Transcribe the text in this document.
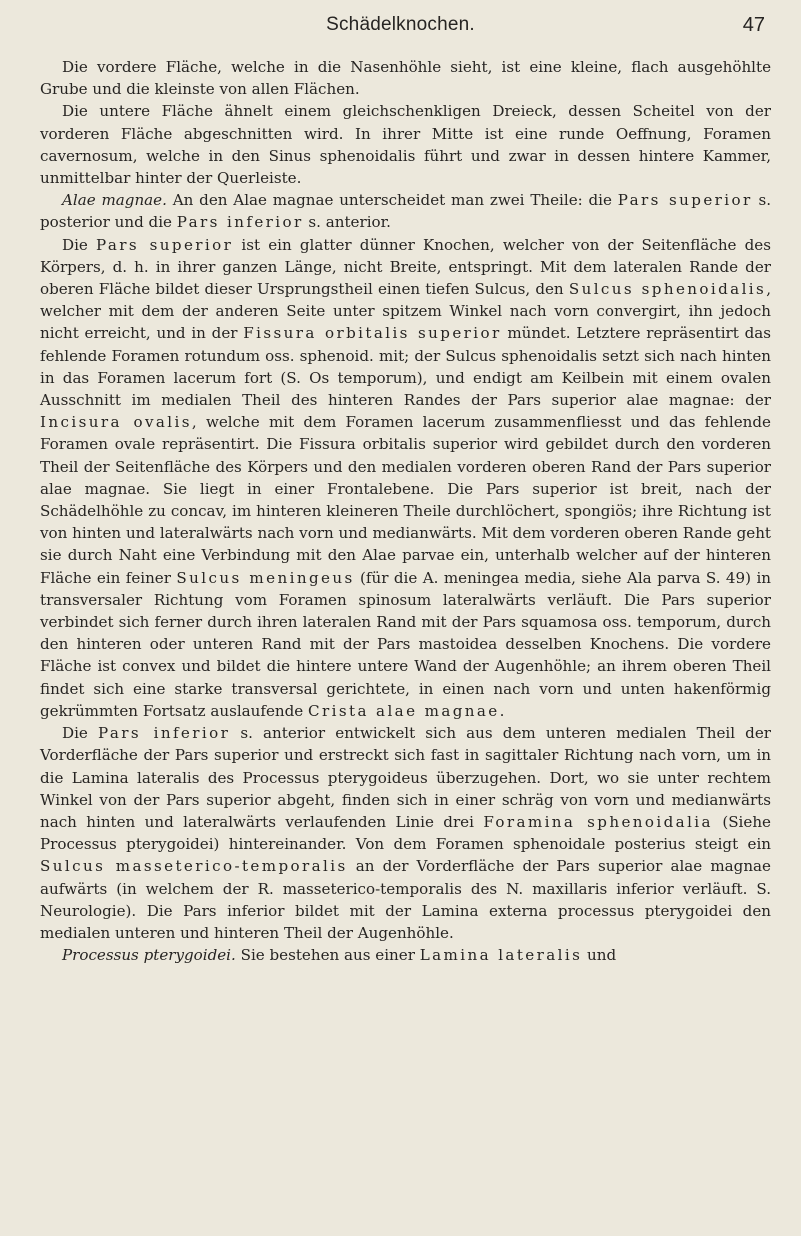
Schädelknochen.	47

Die vordere Fläche, welche in die Nasenhöhle sieht, ist eine kleine, flach ausgehöhlte Grube und die kleinste von allen Flächen.

Die untere Fläche ähnelt einem gleichschenkligen Dreieck, dessen Scheitel von der vorderen Fläche abgeschnitten wird. In ihrer Mitte ist eine runde Oeffnung, Foramen cavernosum, welche in den Sinus sphenoidalis führt und zwar in dessen hintere Kammer, unmittelbar hinter der Querleiste.

Alae magnae. An den Alae magnae unterscheidet man zwei Theile: die Pars superior s. posterior und die Pars inferior s. anterior.

Die Pars superior ist ein glatter dünner Knochen, welcher von der Seitenfläche des Körpers, d. h. in ihrer ganzen Länge, nicht Breite, entspringt. Mit dem lateralen Rande der oberen Fläche bildet dieser Ursprungstheil einen tiefen Sulcus, den Sulcus sphenoidalis, welcher mit dem der anderen Seite unter spitzem Winkel nach vorn convergirt, ihn jedoch nicht erreicht, und in der Fissura orbitalis superior mündet. Letztere repräsentirt das fehlende Foramen rotundum oss. sphenoid. mit; der Sulcus sphenoidalis setzt sich nach hinten in das Foramen lacerum fort (S. Os temporum), und endigt am Keilbein mit einem ovalen Ausschnitt im medialen Theil des hinteren Randes der Pars superior alae magnae: der Incisura ovalis, welche mit dem Foramen lacerum zusammenfliesst und das fehlende Foramen ovale repräsentirt. Die Fissura orbitalis superior wird gebildet durch den vorderen Theil der Seitenfläche des Körpers und den medialen vorderen oberen Rand der Pars superior alae magnae. Sie liegt in einer Frontalebene. Die Pars superior ist breit, nach der Schädelhöhle zu concav, im hinteren kleineren Theile durchlöchert, spongiös; ihre Richtung ist von hinten und lateralwärts nach vorn und medianwärts. Mit dem vorderen oberen Rande geht sie durch Naht eine Verbindung mit den Alae parvae ein, unterhalb welcher auf der hinteren Fläche ein feiner Sulcus meningeus (für die A. meningea media, siehe Ala parva S. 49) in transversaler Richtung vom Foramen spinosum lateralwärts verläuft. Die Pars superior verbindet sich ferner durch ihren lateralen Rand mit der Pars squamosa oss. temporum, durch den hinteren oder unteren Rand mit der Pars mastoidea desselben Knochens. Die vordere Fläche ist convex und bildet die hintere untere Wand der Augenhöhle; an ihrem oberen Theil findet sich eine starke transversal gerichtete, in einen nach vorn und unten hakenförmig gekrümmten Fortsatz auslaufende Crista alae magnae.

Die Pars inferior s. anterior entwickelt sich aus dem unteren medialen Theil der Vorderfläche der Pars superior und erstreckt sich fast in sagittaler Richtung nach vorn, um in die Lamina lateralis des Processus pterygoideus überzugehen. Dort, wo sie unter rechtem Winkel von der Pars superior abgeht, finden sich in einer schräg von vorn und medianwärts nach hinten und lateralwärts verlaufenden Linie drei Foramina sphenoidalia (Siehe Processus pterygoidei) hintereinander. Von dem Foramen sphenoidale posterius steigt ein Sulcus masseterico-temporalis an der Vorderfläche der Pars superior alae magnae aufwärts (in welchem der R. masseterico-temporalis des N. maxillaris inferior verläuft. S. Neurologie). Die Pars inferior bildet mit der Lamina externa processus pterygoidei den medialen unteren und hinteren Theil der Augenhöhle.

Processus pterygoidei. Sie bestehen aus einer Lamina lateralis und
